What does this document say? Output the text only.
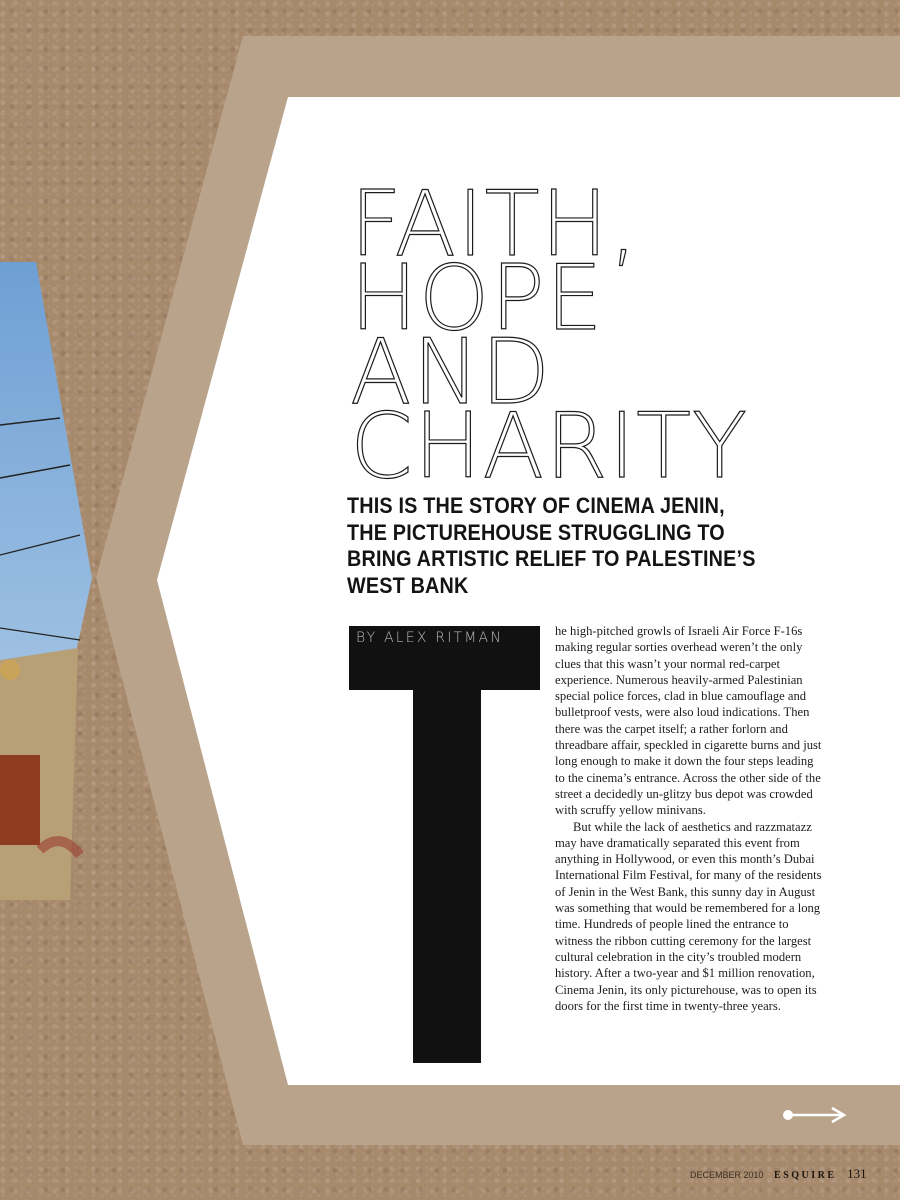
FAITH,
HOPE
AND
CHARITY

THIS IS THE STORY OF CINEMA JENIN, THE PICTUREHOUSE STRUGGLING TO BRING ARTISTIC RELIEF TO PALESTINE’S WEST BANK

BY ALEX RITMAN	he high-pitched growls of Israeli Air Force F-16s making regular sorties overhead weren’t the only clues that this wasn’t your normal red-carpet experience. Numerous heavily-armed Palestinian special police forces, clad in blue camouflage and bulletproof vests, were also loud indications. Then there was the carpet itself; a rather forlorn and threadbare affair, speckled in cigarette burns and just long enough to make it down the four steps leading to the cinema’s entrance. Across the other side of the street a decidedly un-glitzy bus depot was crowded with scruffy yellow minivans.

But while the lack of aesthetics and razzmatazz may have dramatically separated this event from anything in Hollywood, or even this month’s Dubai International Film Festival, for many of the residents of Jenin in the West Bank, this sunny day in August was something that would be remembered for a long time. Hundreds of people lined the entrance to witness the ribbon cutting ceremony for the largest cultural celebration in the city’s troubled modern history. After a two-year and $1 million renovation, Cinema Jenin, its only picturehouse, was to open its doors for the first time in twenty-three years.

DECEMBER 2010 ESQUIRE 131
